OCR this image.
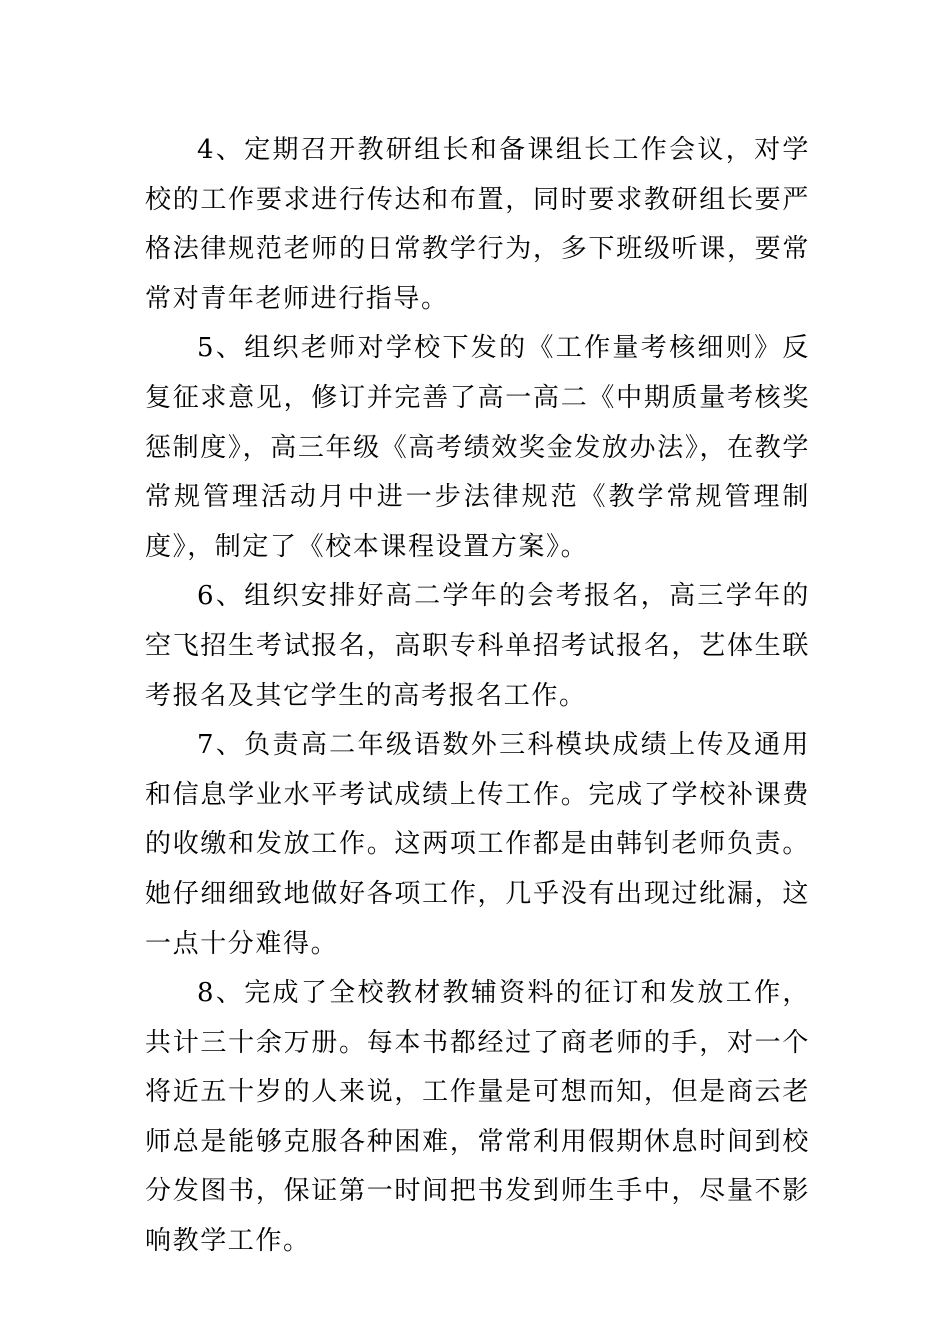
4、定期召开教研组长和备课组长工作会议，对学校的工作要求进行传达和布置，同时要求教研组长要严格法律规范老师的日常教学行为，多下班级听课，要常常对青年老师进行指导。

5、组织老师对学校下发的《工作量考核细则》反复征求意见，修订并完善了高一高二《中期质量考核奖惩制度》，高三年级《高考绩效奖金发放办法》，在教学常规管理活动月中进一步法律规范《教学常规管理制度》，制定了《校本课程设置方案》。

6、组织安排好高二学年的会考报名，高三学年的空飞招生考试报名，高职专科单招考试报名，艺体生联考报名及其它学生的高考报名工作。

7、负责高二年级语数外三科模块成绩上传及通用和信息学业水平考试成绩上传工作。完成了学校补课费的收缴和发放工作。这两项工作都是由韩钊老师负责。她仔细细致地做好各项工作，几乎没有出现过纰漏，这一点十分难得。

8、完成了全校教材教辅资料的征订和发放工作，共计三十余万册。每本书都经过了商老师的手，对一个将近五十岁的人来说，工作量是可想而知，但是商云老师总是能够克服各种困难，常常利用假期休息时间到校分发图书，保证第一时间把书发到师生手中，尽量不影响教学工作。
